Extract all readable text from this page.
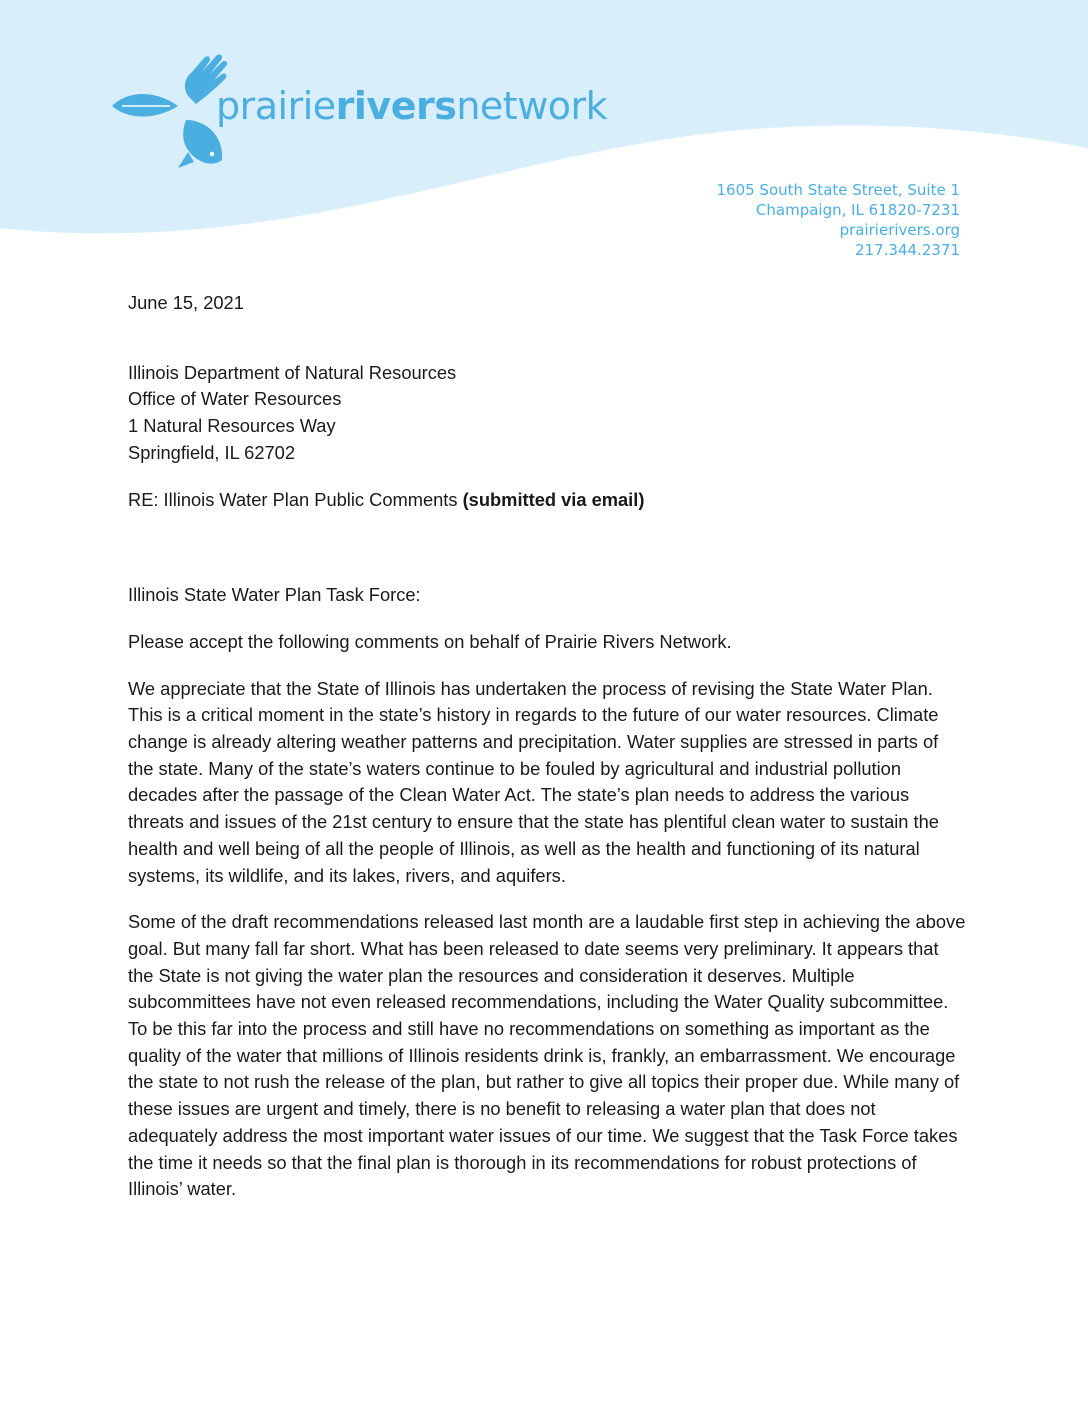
prairieriversnetwork
1605 South State Street, Suite 1
Champaign, IL 61820-7231
prairierivers.org
217.344.2371

June 15, 2021

Illinois Department of Natural Resources

Office of Water Resources

1 Natural Resources Way

Springfield, IL 62702

RE: Illinois Water Plan Public Comments (submitted via email)

Illinois State Water Plan Task Force:

Please accept the following comments on behalf of Prairie Rivers Network.

We appreciate that the State of Illinois has undertaken the process of revising the State Water Plan. This is a critical moment in the state’s history in regards to the future of our water resources. Climate change is already altering weather patterns and precipitation. Water supplies are stressed in parts of the state. Many of the state’s waters continue to be fouled by agricultural and industrial pollution decades after the passage of the Clean Water Act. The state’s plan needs to address the various threats and issues of the 21st century to ensure that the state has plentiful clean water to sustain the health and well being of all the people of Illinois, as well as the health and functioning of its natural systems, its wildlife, and its lakes, rivers, and aquifers.

Some of the draft recommendations released last month are a laudable first step in achieving the above goal. But many fall far short. What has been released to date seems very preliminary. It appears that the State is not giving the water plan the resources and consideration it deserves. Multiple subcommittees have not even released recommendations, including the Water Quality subcommittee. To be this far into the process and still have no recommendations on something as important as the quality of the water that millions of Illinois residents drink is, frankly, an embarrassment. We encourage the state to not rush the release of the plan, but rather to give all topics their proper due. While many of these issues are urgent and timely, there is no benefit to releasing a water plan that does not adequately address the most important water issues of our time. We suggest that the Task Force takes the time it needs so that the final plan is thorough in its recommendations for robust protections of Illinois’ water.
